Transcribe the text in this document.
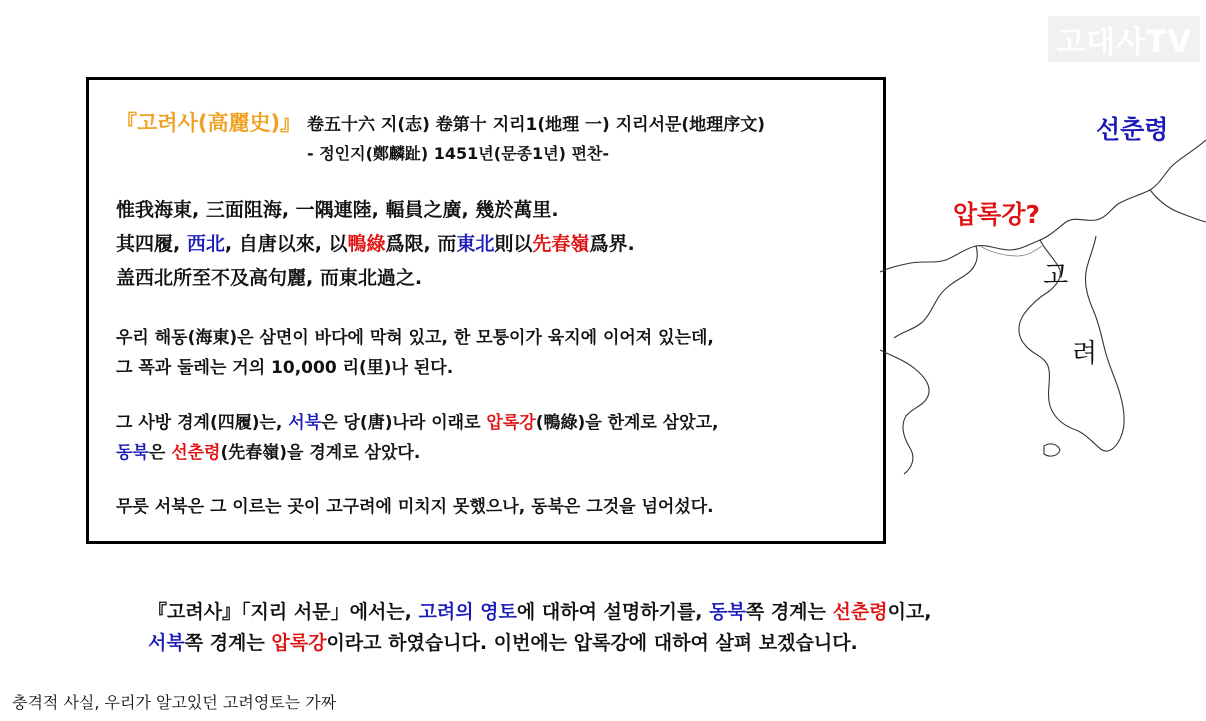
고대사TV
『고려사(高麗史)』 卷五十六 지(志) 卷第十 지리1(地理 一) 지리서문(地理序文)
- 정인지(鄭麟趾) 1451년(문종1년) 편찬-
惟我海東, 三面阻海, 一隅連陸, 輻員之廣, 幾於萬里.
其四履, 西北, 自唐以來, 以鴨綠爲限, 而東北則以先春嶺爲界.
盖西北所至不及高句麗, 而東北過之.
우리 해동(海東)은 삼면이 바다에 막혀 있고, 한 모퉁이가 육지에 이어져 있는데,
그 폭과 둘레는 거의 10,000 리(里)나 된다.
그 사방 경계(四履)는, 서북은 당(唐)나라 이래로 압록강(鴨綠)을 한계로 삼았고,
동북은 선춘령(先春嶺)을 경계로 삼았다.
무릇 서북은 그 이르는 곳이 고구려에 미치지 못했으나, 동북은 그것을 넘어섰다.
선춘령
압록강?
고
려
『고려사』「지리 서문」에서는, 고려의 영토에 대하여 설명하기를, 동북쪽 경계는 선춘령이고,
서북쪽 경계는 압록강이라고 하였습니다. 이번에는 압록강에 대하여 살펴 보겠습니다.
충격적 사실, 우리가 알고있던 고려영토는 가짜
